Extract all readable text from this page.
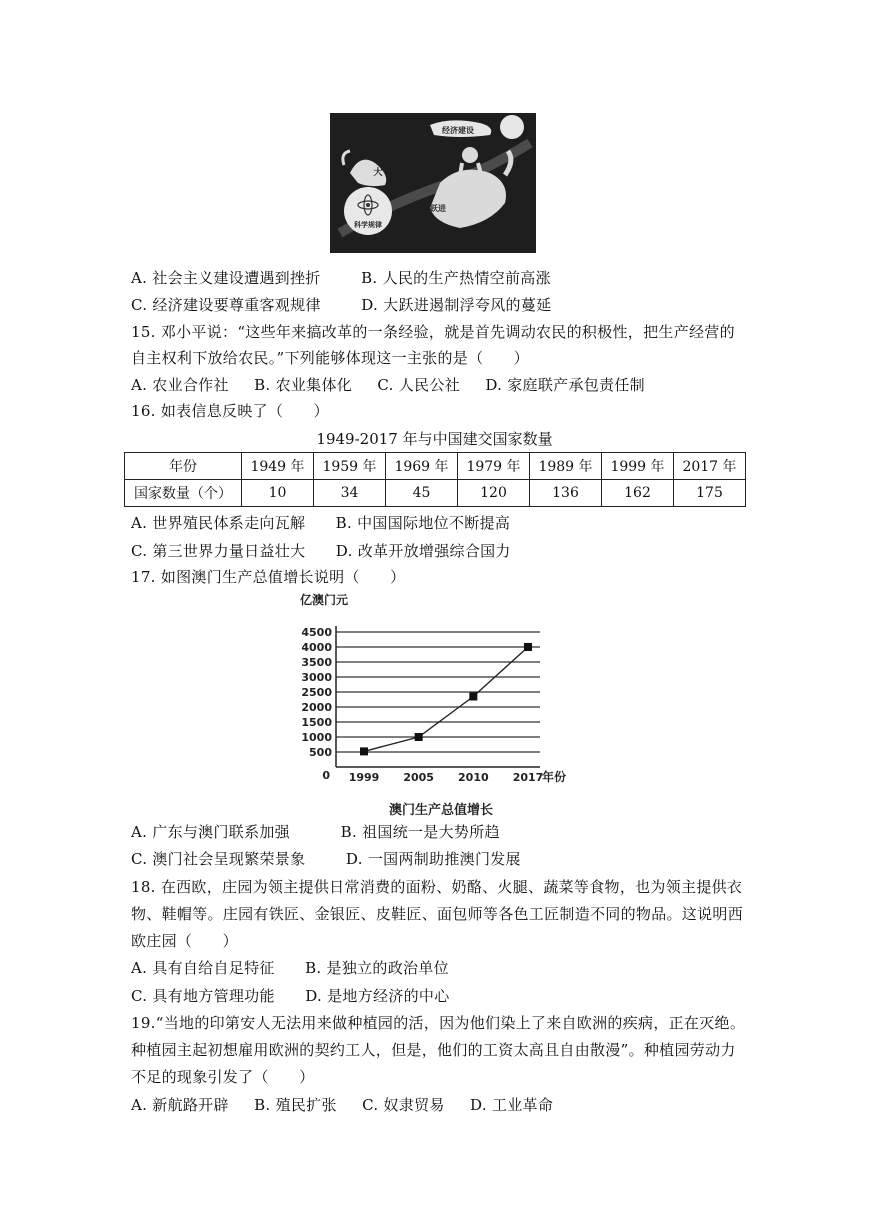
经济建设
大
跃进
科学规律
A. 社会主义建设遭遇到挫折        B. 人民的生产热情空前高涨
C. 经济建设要尊重客观规律        D. 大跃进遏制浮夸风的蔓延
15. 邓小平说：“这些年来搞改革的一条经验，就是首先调动农民的积极性，把生产经营的
自主权利下放给农民。”下列能够体现这一主张的是（      ）
A. 农业合作社     B. 农业集体化     C. 人民公社     D. 家庭联产承包责任制
16. 如表信息反映了（      ）
1949-2017 年与中国建交国家数量
年份	1949 年	1959 年	1969 年	1979 年	1989 年	1999 年	2017 年
国家数量（个）	10	34	45	120	136	162	175
A. 世界殖民体系走向瓦解      B. 中国国际地位不断提高
C. 第三世界力量日益壮大      D. 改革开放增强综合国力
17. 如图澳门生产总值增长说明（      ）
亿澳门元
0
500
1000
1500
2000
2500
3000
3500
4000
4500
1999 2005 2010 2017
年份
澳门生产总值增长
A. 广东与澳门联系加强          B. 祖国统一是大势所趋
C. 澳门社会呈现繁荣景象        D. 一国两制助推澳门发展
18. 在西欧，庄园为领主提供日常消费的面粉、奶酪、火腿、蔬菜等食物，也为领主提供衣
物、鞋帽等。庄园有铁匠、金银匠、皮鞋匠、面包师等各色工匠制造不同的物品。这说明西
欧庄园（      ）
A. 具有自给自足特征      B. 是独立的政治单位
C. 具有地方管理功能      D. 是地方经济的中心
19.“当地的印第安人无法用来做种植园的活，因为他们染上了来自欧洲的疾病，正在灭绝。
种植园主起初想雇用欧洲的契约工人，但是，他们的工资太高且自由散漫”。种植园劳动力
不足的现象引发了（      ）
A. 新航路开辟     B. 殖民扩张     C. 奴隶贸易     D. 工业革命
